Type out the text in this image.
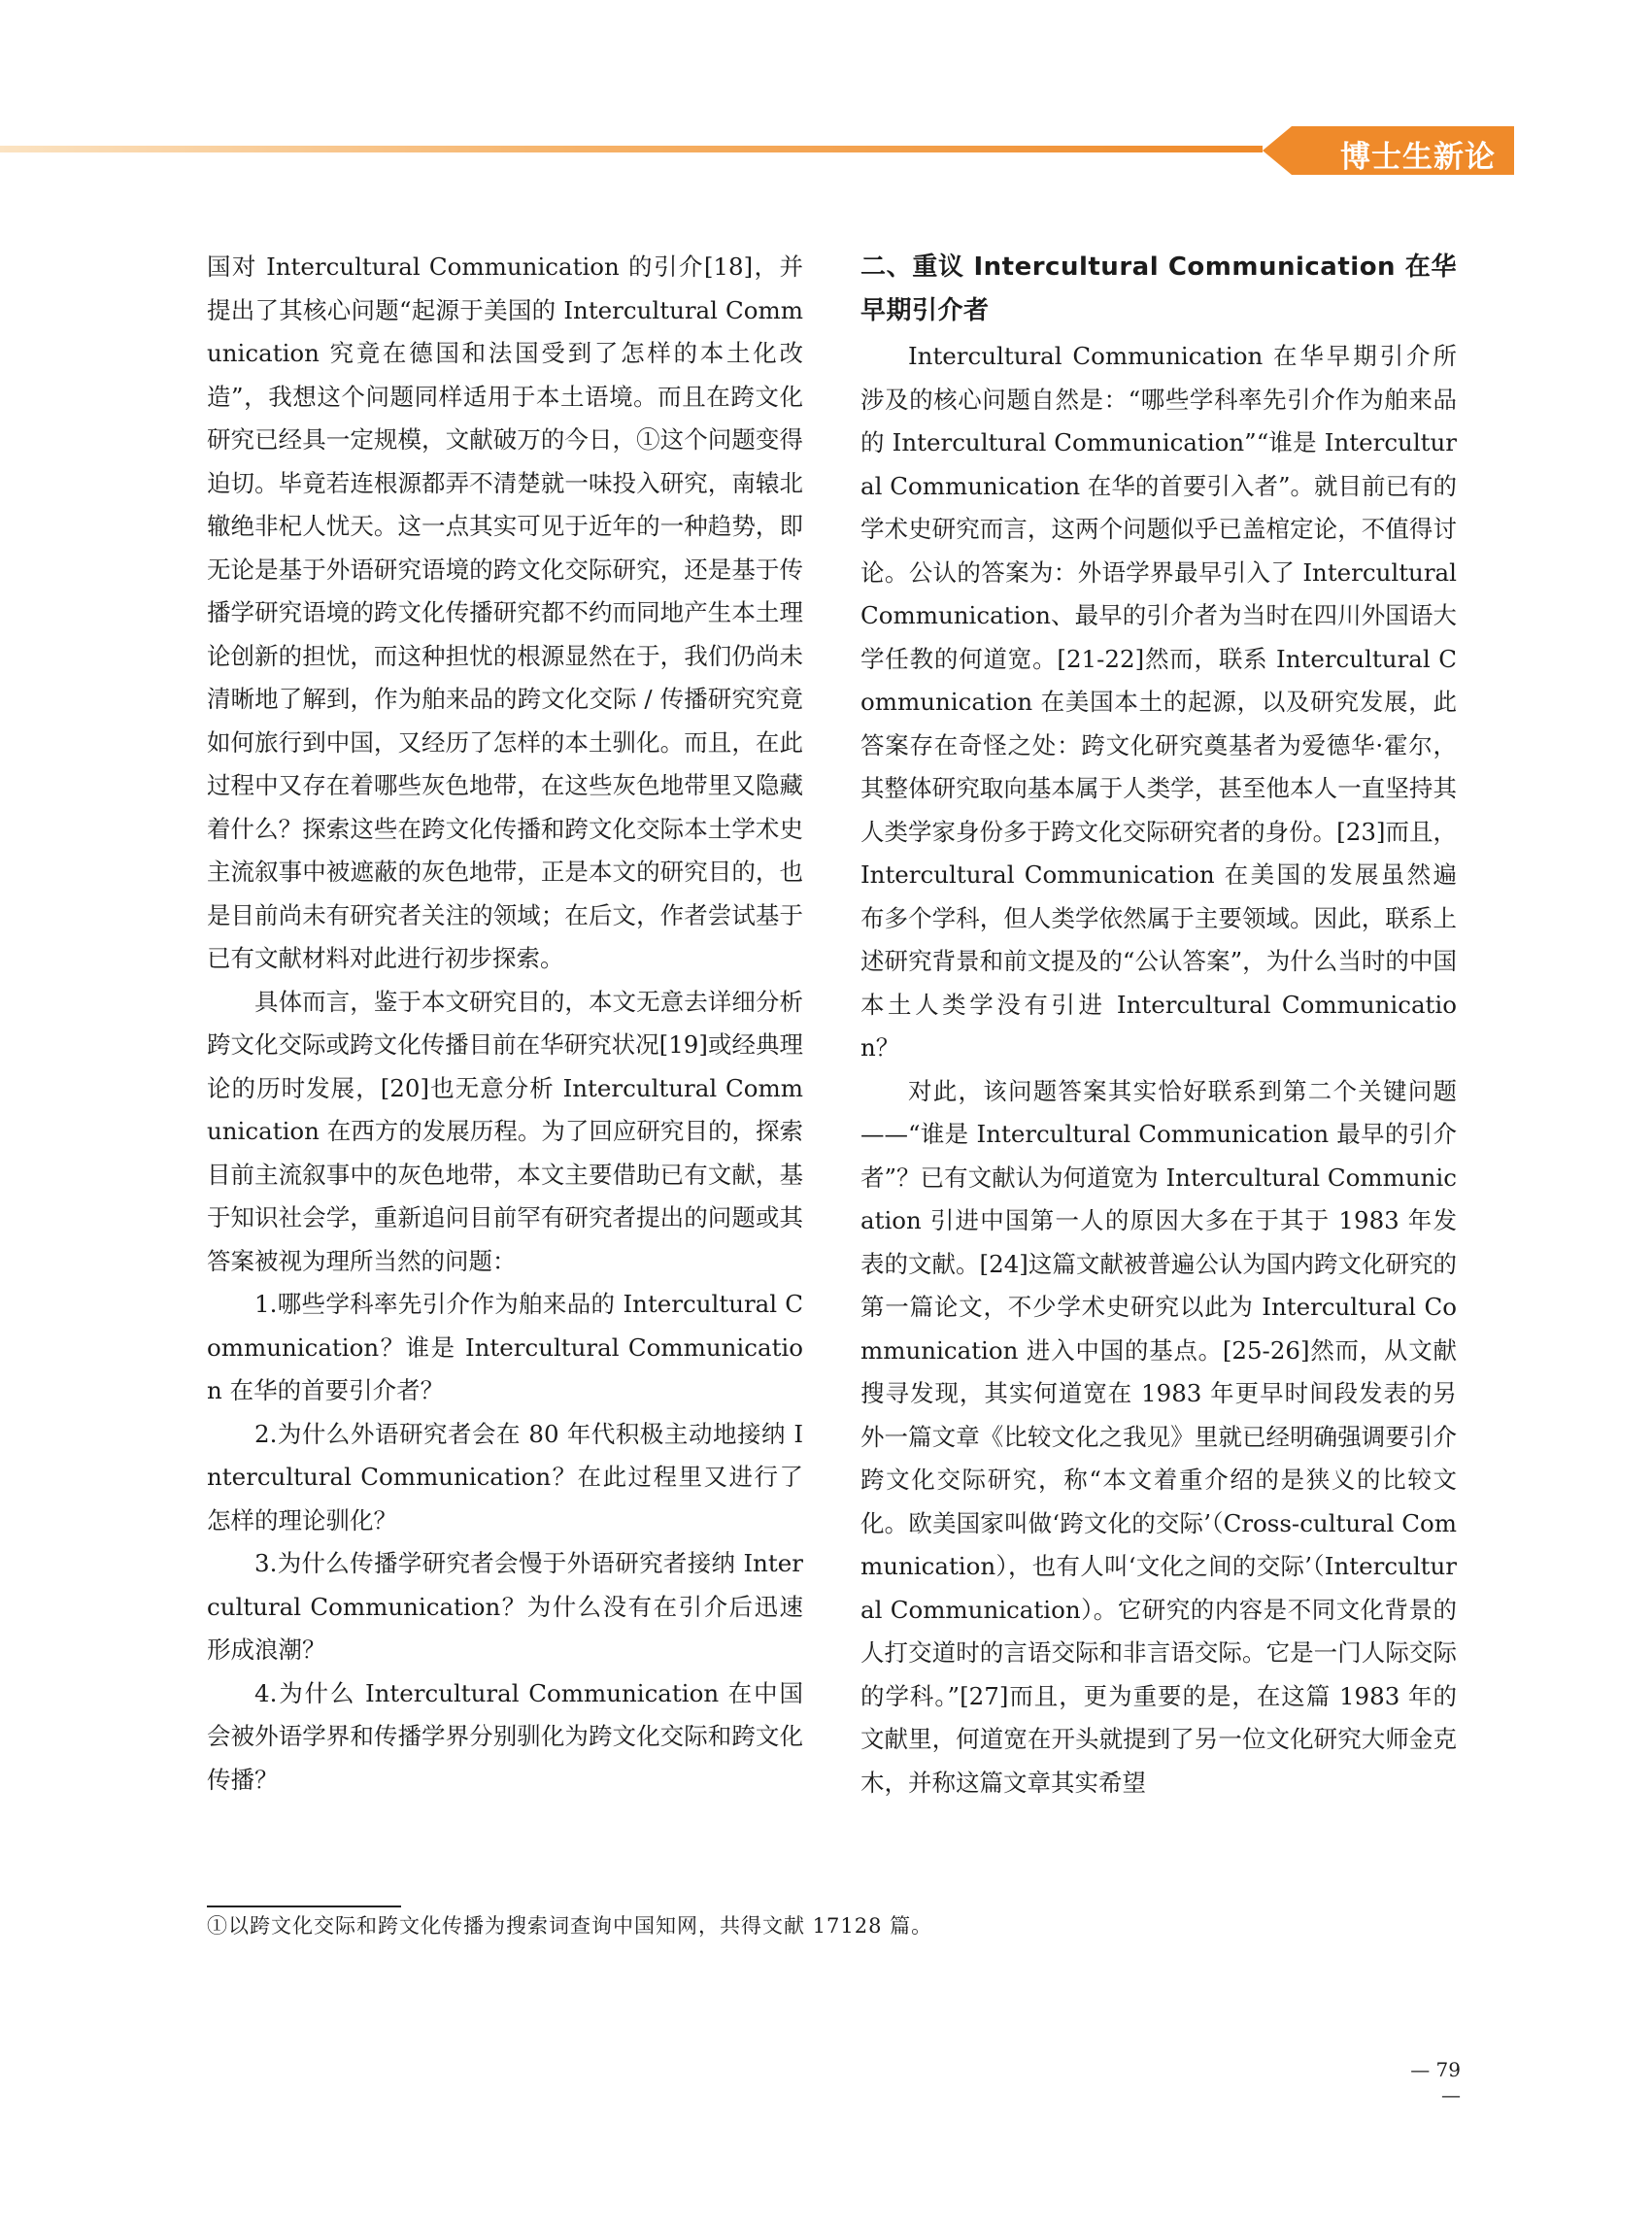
博士生新论

国对 Intercultural Communication 的引介[18]，并提出了其核心问题“起源于美国的 Intercultural Communication 究竟在德国和法国受到了怎样的本土化改造”，我想这个问题同样适用于本土语境。而且在跨文化研究已经具一定规模，文献破万的今日，①这个问题变得迫切。毕竟若连根源都弄不清楚就一味投入研究，南辕北辙绝非杞人忧天。这一点其实可见于近年的一种趋势，即无论是基于外语研究语境的跨文化交际研究，还是基于传播学研究语境的跨文化传播研究都不约而同地产生本土理论创新的担忧，而这种担忧的根源显然在于，我们仍尚未清晰地了解到，作为舶来品的跨文化交际 / 传播研究究竟如何旅行到中国，又经历了怎样的本土驯化。而且，在此过程中又存在着哪些灰色地带，在这些灰色地带里又隐藏着什么？探索这些在跨文化传播和跨文化交际本土学术史主流叙事中被遮蔽的灰色地带，正是本文的研究目的，也是目前尚未有研究者关注的领域；在后文，作者尝试基于已有文献材料对此进行初步探索。

具体而言，鉴于本文研究目的，本文无意去详细分析跨文化交际或跨文化传播目前在华研究状况[19]或经典理论的历时发展，[20]也无意分析 Intercultural Communication 在西方的发展历程。为了回应研究目的，探索目前主流叙事中的灰色地带，本文主要借助已有文献，基于知识社会学，重新追问目前罕有研究者提出的问题或其答案被视为理所当然的问题：

1.哪些学科率先引介作为舶来品的 Intercultural Communication？谁是 Intercultural Communication 在华的首要引介者？

2.为什么外语研究者会在 80 年代积极主动地接纳 Intercultural Communication？在此过程里又进行了怎样的理论驯化？

3.为什么传播学研究者会慢于外语研究者接纳 Intercultural Communication？为什么没有在引介后迅速形成浪潮？

4.为什么 Intercultural Communication 在中国会被外语学界和传播学界分别驯化为跨文化交际和跨文化传播？

二、重议 Intercultural Communication 在华早期引介者

Intercultural Communication 在华早期引介所涉及的核心问题自然是：“哪些学科率先引介作为舶来品的 Intercultural Communication”“谁是 Intercultural Communication 在华的首要引入者”。就目前已有的学术史研究而言，这两个问题似乎已盖棺定论，不值得讨论。公认的答案为：外语学界最早引入了 Intercultural Communication、最早的引介者为当时在四川外国语大学任教的何道宽。[21-22]然而，联系 Intercultural Communication 在美国本土的起源，以及研究发展，此答案存在奇怪之处：跨文化研究奠基者为爱德华·霍尔，其整体研究取向基本属于人类学，甚至他本人一直坚持其人类学家身份多于跨文化交际研究者的身份。[23]而且，Intercultural Communication 在美国的发展虽然遍布多个学科，但人类学依然属于主要领域。因此，联系上述研究背景和前文提及的“公认答案”，为什么当时的中国本土人类学没有引进 Intercultural Communication？

对此，该问题答案其实恰好联系到第二个关键问题——“谁是 Intercultural Communication 最早的引介者”？已有文献认为何道宽为 Intercultural Communication 引进中国第一人的原因大多在于其于 1983 年发表的文献。[24]这篇文献被普遍公认为国内跨文化研究的第一篇论文，不少学术史研究以此为 Intercultural Communication 进入中国的基点。[25-26]然而，从文献搜寻发现，其实何道宽在 1983 年更早时间段发表的另外一篇文章《比较文化之我见》里就已经明确强调要引介跨文化交际研究，称“本文着重介绍的是狭义的比较文化。欧美国家叫做‘跨文化的交际’（Cross-cultural Communication），也有人叫‘文化之间的交际’（Intercultural Communication）。它研究的内容是不同文化背景的人打交道时的言语交际和非言语交际。它是一门人际交际的学科。”[27]而且，更为重要的是，在这篇 1983 年的文献里，何道宽在开头就提到了另一位文化研究大师金克木，并称这篇文章其实希望

①以跨文化交际和跨文化传播为搜索词查询中国知网，共得文献 17128 篇。
— 79—
